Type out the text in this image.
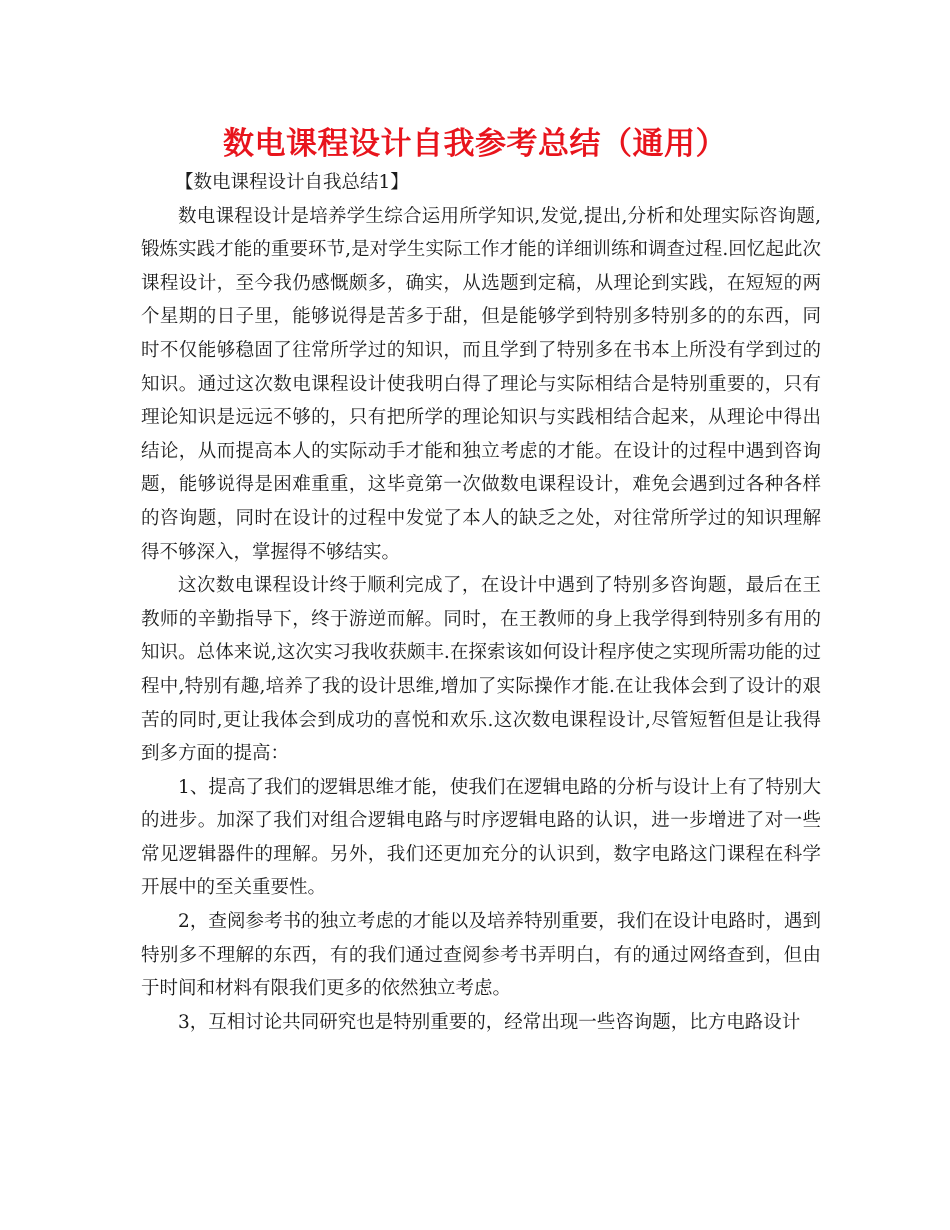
数电课程设计自我参考总结（通用）

【数电课程设计自我总结1】

数电课程设计是培养学生综合运用所学知识,发觉,提出,分析和处理实际咨询题,锻炼实践才能的重要环节,是对学生实际工作才能的详细训练和调查过程.回忆起此次课程设计，至今我仍感慨颇多，确实，从选题到定稿，从理论到实践，在短短的两个星期的日子里，能够说得是苦多于甜，但是能够学到特别多特别多的的东西，同时不仅能够稳固了往常所学过的知识，而且学到了特别多在书本上所没有学到过的知识。通过这次数电课程设计使我明白得了理论与实际相结合是特别重要的，只有理论知识是远远不够的，只有把所学的理论知识与实践相结合起来，从理论中得出结论，从而提高本人的实际动手才能和独立考虑的才能。在设计的过程中遇到咨询题，能够说得是困难重重，这毕竟第一次做数电课程设计，难免会遇到过各种各样的咨询题，同时在设计的过程中发觉了本人的缺乏之处，对往常所学过的知识理解得不够深入，掌握得不够结实。

这次数电课程设计终于顺利完成了，在设计中遇到了特别多咨询题，最后在王教师的辛勤指导下，终于游逆而解。同时，在王教师的身上我学得到特别多有用的知识。总体来说,这次实习我收获颇丰.在探索该如何设计程序使之实现所需功能的过程中,特别有趣,培养了我的设计思维,增加了实际操作才能.在让我体会到了设计的艰苦的同时,更让我体会到成功的喜悦和欢乐.这次数电课程设计,尽管短暂但是让我得到多方面的提高：

1、提高了我们的逻辑思维才能，使我们在逻辑电路的分析与设计上有了特别大的进步。加深了我们对组合逻辑电路与时序逻辑电路的认识，进一步增进了对一些常见逻辑器件的理解。另外，我们还更加充分的认识到，数字电路这门课程在科学开展中的至关重要性。

2，查阅参考书的独立考虑的才能以及培养特别重要，我们在设计电路时，遇到特别多不理解的东西，有的我们通过查阅参考书弄明白，有的通过网络查到，但由于时间和材料有限我们更多的依然独立考虑。

3，互相讨论共同研究也是特别重要的，经常出现一些咨询题，比方电路设计
